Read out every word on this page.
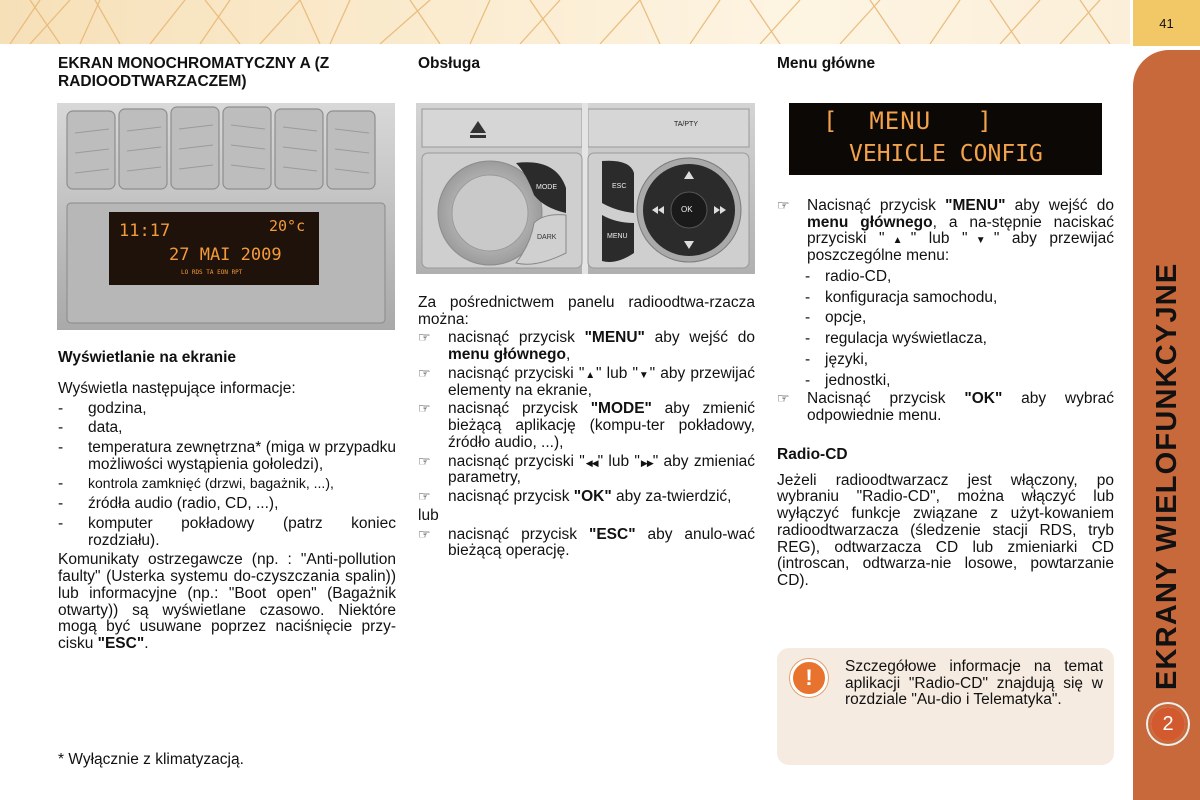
41
EKRANY WIELOFUNKCYJNE
2
EKRAN MONOCHROMATYCZNY A (Z RADIOODTWARZACZEM)
11:17	20°c
27 MAI 2009
LO RDS TA EON RPT
Wyświetlanie na ekranie

Wyświetla następujące informacje:

-	godzina,
-	data,
-	temperatura zewnętrzna* (miga w przypadku możliwości wystąpienia gołoledzi),
-	kontrola zamknięć (drzwi, bagażnik, ...),
-	źródła audio (radio, CD, ...),
-	komputer pokładowy (patrz koniec rozdziału).

Komunikaty ostrzegawcze (np. : "Anti-pollution faulty" (Usterka systemu do-czyszczania spalin)) lub informacyjne (np.: "Boot open" (Bagażnik otwarty)) są wyświetlane czasowo. Niektóre mogą być usuwane poprzez naciśnięcie przy-cisku "ESC".

* Wyłącznie z klimatyzacją.
Obsługa
TA/PTY
MODE
DARK
ESC
MENU
OK

Za pośrednictwem panelu radioodtwa-rzacza można:

☞	nacisnąć przycisk "MENU" aby wejść do menu głównego,
☞	nacisnąć przyciski "▲" lub "▼" aby przewijać elementy na ekranie,
☞	nacisnąć przycisk "MODE" aby zmienić bieżącą aplikację (kompu-ter pokładowy, źródło audio, ...),
☞	nacisnąć przyciski "◀◀" lub "▶▶" aby zmieniać parametry,
☞	nacisnąć przycisk "OK" aby za-twierdzić,

lub

☞	nacisnąć przycisk "ESC" aby anulo-wać bieżącą operację.
Menu główne
[  MENU   ]
VEHICLE CONFIG
☞	Nacisnąć przycisk "MENU" aby wejść do menu głównego, a na-stępnie naciskać przyciski "▲" lub "▼" aby przewijać poszczególne menu:
- radio-CD,
- konfiguracja samochodu,
- opcje,
- regulacja wyświetlacza,
- języki,
- jednostki,
☞	Nacisnąć przycisk "OK" aby wybrać odpowiednie menu.
Radio-CD

Jeżeli radioodtwarzacz jest włączony, po wybraniu "Radio-CD", można włączyć lub wyłączyć funkcje związane z użyt-kowaniem radioodtwarzacza (śledzenie stacji RDS, tryb REG), odtwarzacza CD lub zmieniarki CD (introscan, odtwarza-nie losowe, powtarzanie CD).

!	Szczegółowe informacje na temat aplikacji "Radio-CD" znajdują się w rozdziale "Au-dio i Telematyka".
